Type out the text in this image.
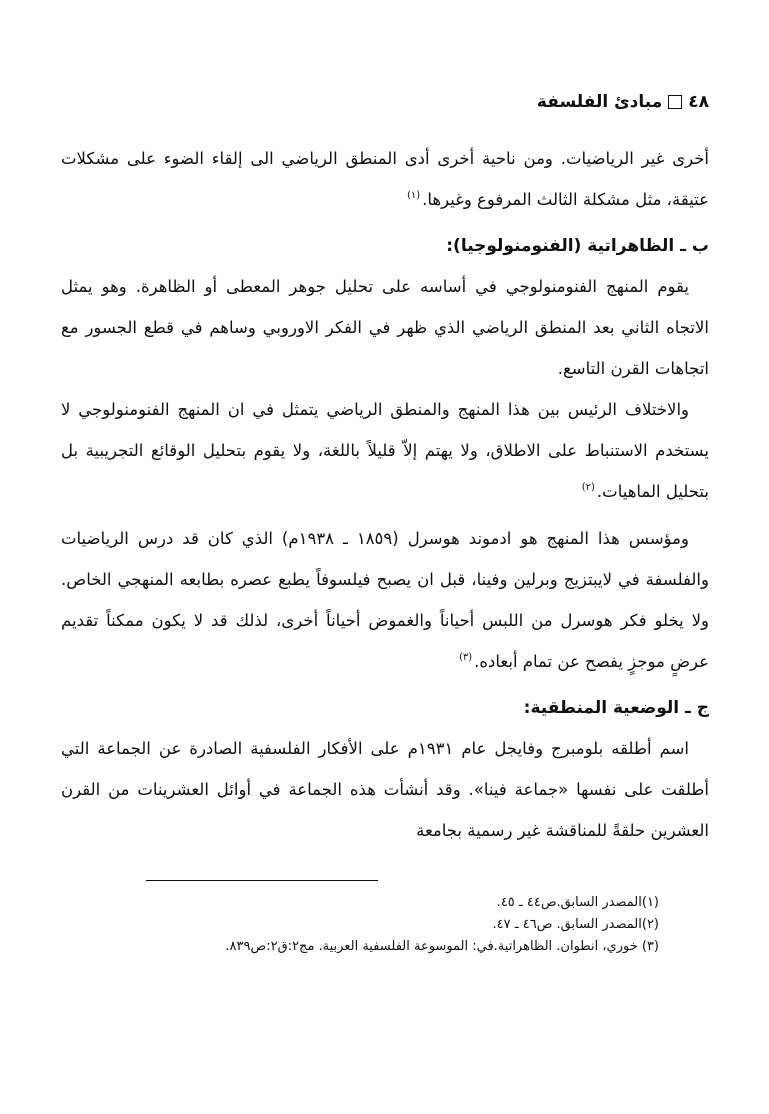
٤٨
مبادئ الفلسفة

أخرى غير الرياضيات. ومن ناحية أخرى أدى المنطق الرياضي الى إلقاء الضوء على مشكلات عتيقة، مثل مشكلة الثالث المرفوع وغيرها.$^{(١)}$

ب ـ الظاهراتية (الفنومنولوجيا):

يقوم المنهج الفنومنولوجي في أساسه على تحليل جوهر المعطى أو الظاهرة. وهو يمثل الاتجاه الثاني بعد المنطق الرياضي الذي ظهر في الفكر الاوروبي وساهم في قطع الجسور مع اتجاهات القرن التاسع.

والاختلاف الرئيس بين هذا المنهج والمنطق الرياضي يتمثل في ان المنهج الفنومنولوجي لا يستخدم الاستنباط على الاطلاق، ولا يهتم إلاّ قليلاً باللغة، ولا يقوم بتحليل الوقائع التجريبية بل بتحليل الماهيات.$^{(٢)}$

ومؤسس هذا المنهج هو ادموند هوسرل (١٨٥٩ ـ ١٩٣٨م) الذي كان قد درس الرياضيات والفلسفة في لايبتزيج وبرلين وفينا، قبل ان يصبح فيلسوفاً يطبع عصره بطابعه المنهجي الخاص. ولا يخلو فكر هوسرل من اللبس أحياناً والغموض أحياناً أخرى، لذلك قد لا يكون ممكناً تقديم عرضٍ موجزٍ يفصح عن تمام أبعاده.$^{(٣)}$

ج ـ الوضعية المنطقية:

اسم أطلقه بلومبرج وفايجل عام ١٩٣١م على الأفكار الفلسفية الصادرة عن الجماعة التي أطلقت على نفسها «جماعة فينا». وقد أنشأت هذه الجماعة في أوائل العشرينات من القرن العشرين حلقةً للمناقشة غير رسمية بجامعة

(١)المصدر السابق.ص٤٤ ـ ٤٥.

(٢)المصدر السابق. ص٤٦ ـ ٤٧.

(٣) خوري، انطوان. الظاهراتية.في: الموسوعة الفلسفية العربية. مج٢:ق٢:ص٨٣٩.
